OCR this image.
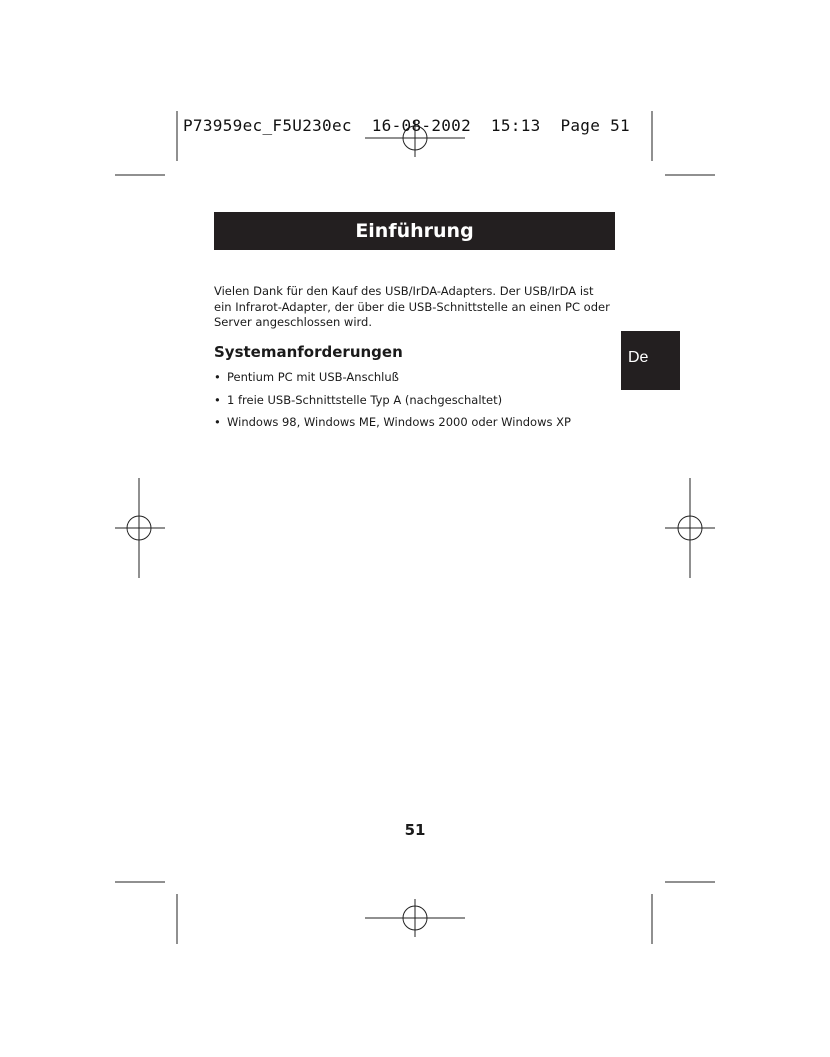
P73959ec_F5U230ec  16-08-2002  15:13  Page 51
Einführung

Vielen Dank für den Kauf des USB/IrDA-Adapters. Der USB/IrDA ist ein Infrarot-Adapter, der über die USB-Schnittstelle an einen PC oder Server angeschlossen wird.

Systemanforderungen
• Pentium PC mit USB-Anschluß
• 1 freie USB-Schnittstelle Typ A (nachgeschaltet)
• Windows 98, Windows ME, Windows 2000 oder Windows XP
De
51
